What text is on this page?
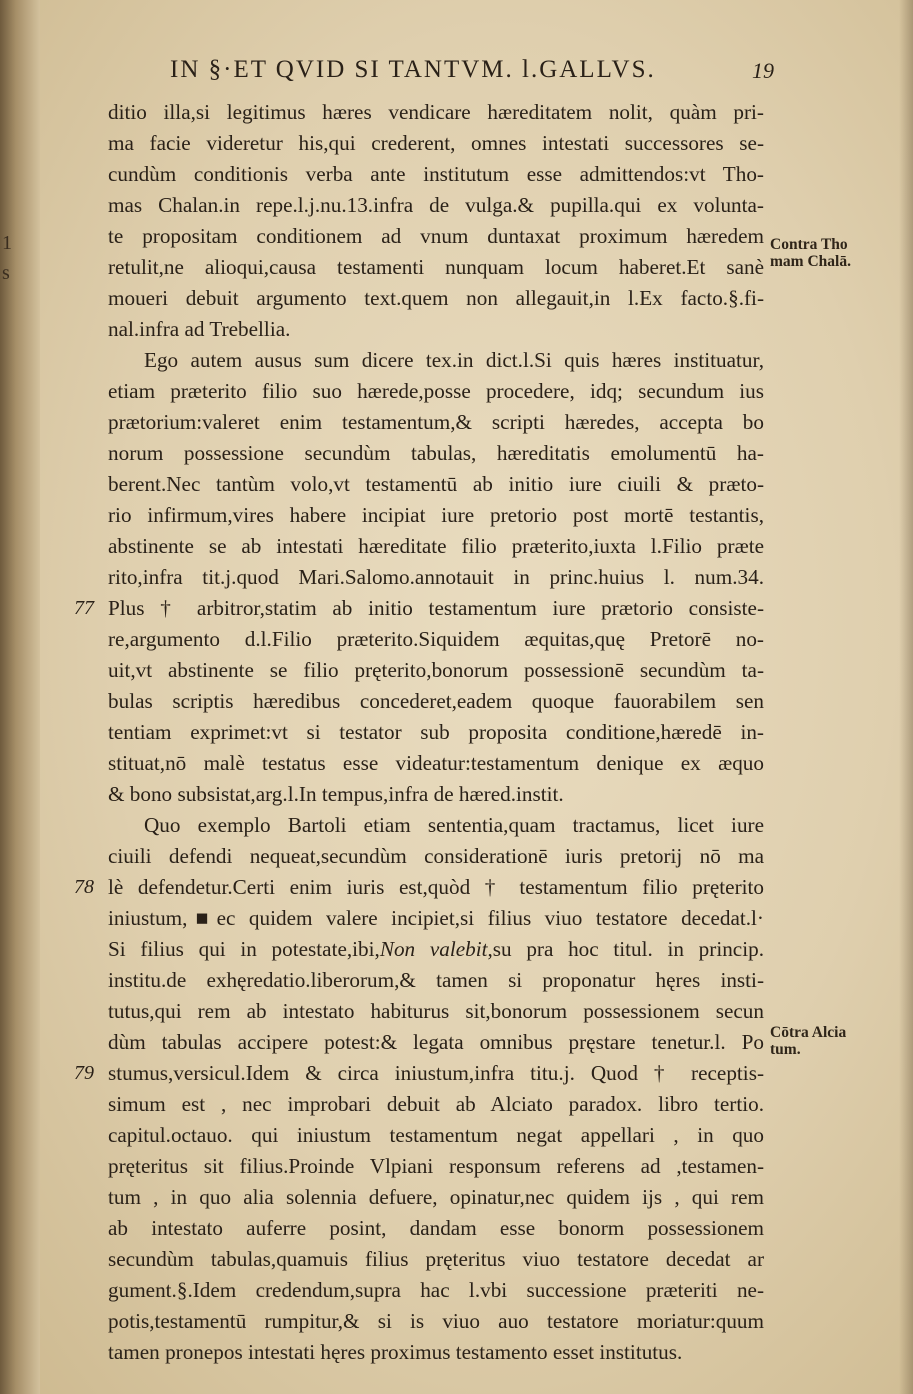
1
s
IN §·ET QVID SI TANTVM. l.GALLVS.	19
ditio illa,si legitimus hæres vendicare hæreditatem nolit, quàm pri-
ma facie videretur his,qui crederent, omnes intestati successores se-
cundùm conditionis verba ante institutum esse admittendos:vt Tho-
mas Chalan.in repe.l.j.nu.13.infra de vulga.& pupilla.qui ex volunta-
te propositam conditionem ad vnum duntaxat proximum hæredem
retulit,ne alioqui,causa testamenti nunquam locum haberet.Et sanè
moueri debuit argumento text.quem non allegauit,in l.Ex facto.§.fi-
nal.infra ad Trebellia.
Ego autem ausus sum dicere tex.in dict.l.Si quis hæres instituatur,
etiam præterito filio suo hærede,posse procedere, idq; secundum ius
prætorium:valeret enim testamentum,& scripti hæredes, accepta bo
norum possessione secundùm tabulas, hæreditatis emolumentū ha-
berent.Nec tantùm volo,vt testamentū ab initio iure ciuili & præto-
rio infirmum,vires habere incipiat iure pretorio post mortē testantis,
abstinente se ab intestati hæreditate filio præterito,iuxta l.Filio præte
rito,infra tit.j.quod Mari.Salomo.annotauit in princ.huius l. num.34.
77 Plus † arbitror,statim ab initio testamentum iure prætorio consiste-
re,argumento d.l.Filio præterito.Siquidem æquitas,quę Pretorē no-
uit,vt abstinente se filio pręterito,bonorum possessionē secundùm ta-
bulas scriptis hæredibus concederet,eadem quoque fauorabilem sen
tentiam exprimet:vt si testator sub proposita conditione,hæredē in-
stituat,nō malè testatus esse videatur:testamentum denique ex æquo
& bono subsistat,arg.l.In tempus,infra de hæred.instit.
Quo exemplo Bartoli etiam sententia,quam tractamus, licet iure
ciuili defendi nequeat,secundùm considerationē iuris pretorij nō ma
78 lè defendetur.Certi enim iuris est,quòd † testamentum filio pręterito
iniustum,■ec quidem valere incipiet,si filius viuo testatore decedat.l·
Si filius qui in potestate,ibi,Non valebit,su pra hoc titul. in princip.
institu.de exhęredatio.liberorum,& tamen si proponatur hęres insti-
tutus,qui rem ab intestato habiturus sit,bonorum possessionem secun
dùm tabulas accipere potest:& legata omnibus pręstare tenetur.l. Po
79 stumus,versicul.Idem & circa iniustum,infra titu.j. Quod † receptis-
simum est , nec improbari debuit ab Alciato paradox. libro tertio.
capitul.octauo. qui iniustum testamentum negat appellari , in quo
pręteritus sit filius.Proinde Vlpiani responsum referens ad ,testamen-
tum , in quo alia solennia defuere, opinatur,nec quidem ijs , qui rem
ab intestato auferre posint, dandam esse bonorm possessionem
secundùm tabulas,quamuis filius pręteritus viuo testatore decedat ar
gument.§.Idem credendum,supra hac l.vbi successione præteriti ne-
potis,testamentū rumpitur,& si is viuo auo testatore moriatur:quum
tamen pronepos intestati hęres proximus testamento esset institutus.
Contra Tho mam Chalā.
Cōtra Alcia tum.
